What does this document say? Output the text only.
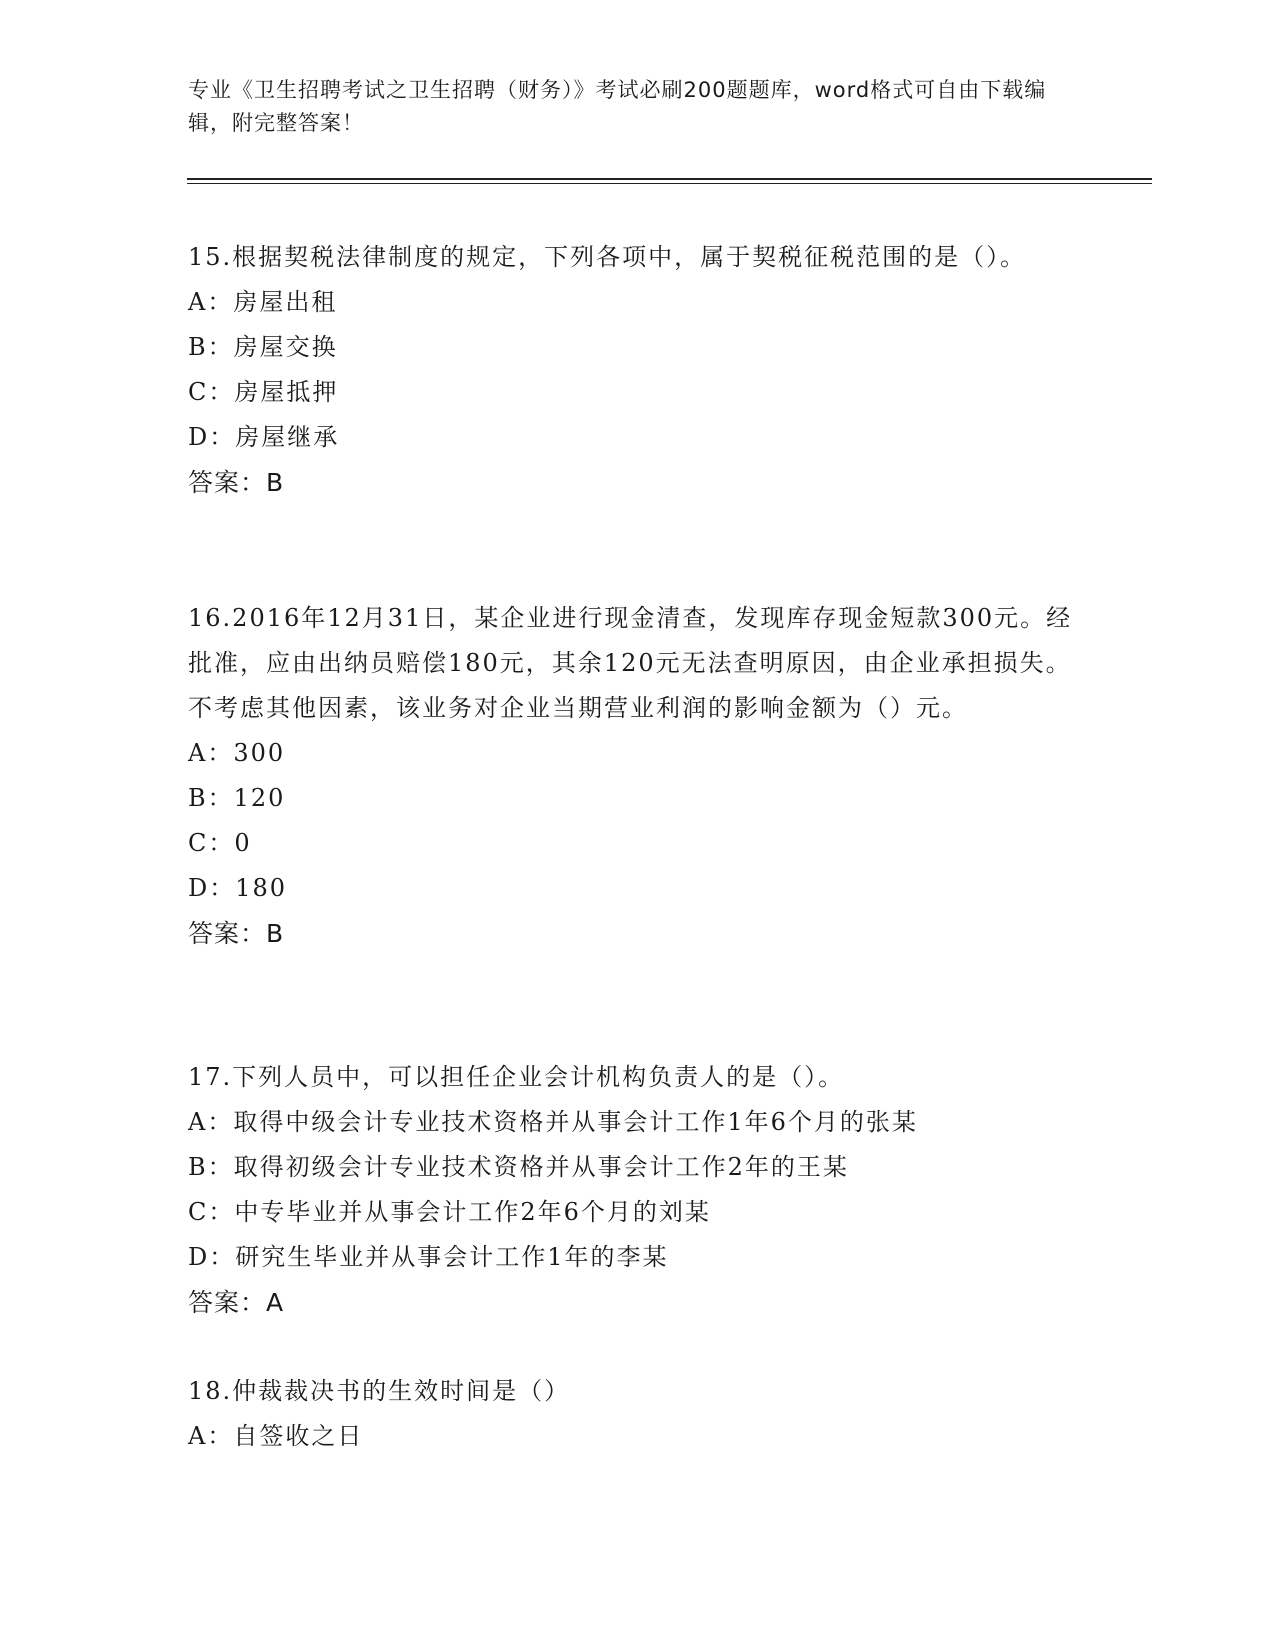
专业《卫生招聘考试之卫生招聘（财务）》考试必刷200题题库，word格式可自由下载编辑，附完整答案！
15.根据契税法律制度的规定，下列各项中，属于契税征税范围的是（）。
A：房屋出租
B：房屋交换
C：房屋抵押
D：房屋继承
答案：B
16.2016年12月31日，某企业进行现金清查，发现库存现金短款300元。经批准，应由出纳员赔偿180元，其余120元无法查明原因，由企业承担损失。不考虑其他因素，该业务对企业当期营业利润的影响金额为（）元。
A：300
B：120
C：0
D：180
答案：B
17.下列人员中，可以担任企业会计机构负责人的是（）。
A：取得中级会计专业技术资格并从事会计工作1年6个月的张某
B：取得初级会计专业技术资格并从事会计工作2年的王某
C：中专毕业并从事会计工作2年6个月的刘某
D：研究生毕业并从事会计工作1年的李某
答案：A
18.仲裁裁决书的生效时间是（）
A：自签收之日
